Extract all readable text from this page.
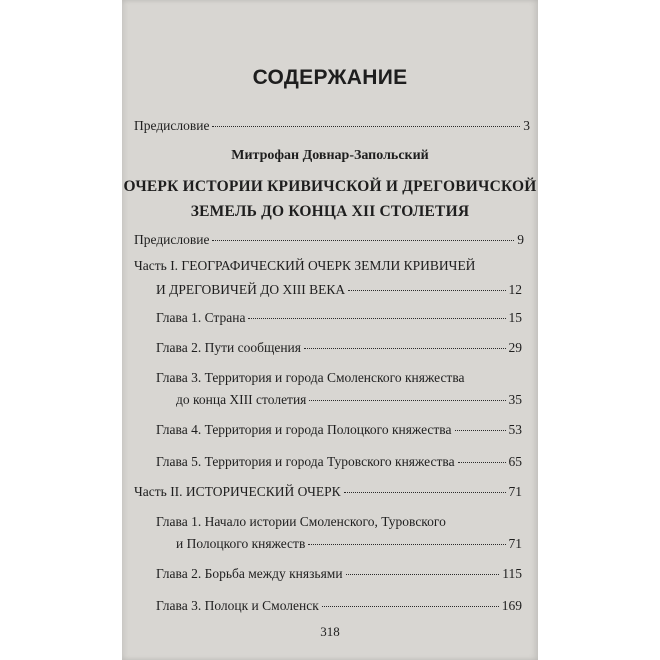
СОДЕРЖАНИЕ
Предисловие	3
Митрофан Довнар-Запольский
ОЧЕРК ИСТОРИИ КРИВИЧСКОЙ И ДРЕГОВИЧСКОЙ
ЗЕМЕЛЬ ДО КОНЦА XII СТОЛЕТИЯ
Предисловие	9
Часть I. ГЕОГРАФИЧЕСКИЙ ОЧЕРК ЗЕМЛИ КРИВИЧЕЙ
И ДРЕГОВИЧЕЙ ДО XIII ВЕКА	12
Глава 1. Страна	15
Глава 2. Пути сообщения	29
Глава 3. Территория и города Смоленского княжества
до конца XIII столетия	35
Глава 4. Территория и города Полоцкого княжества	53
Глава 5. Территория и города Туровского княжества	65
Часть II. ИСТОРИЧЕСКИЙ ОЧЕРК	71
Глава 1. Начало истории Смоленского, Туровского
и Полоцкого княжеств	71
Глава 2. Борьба между князьями	115
Глава 3. Полоцк и Смоленск	169
318
